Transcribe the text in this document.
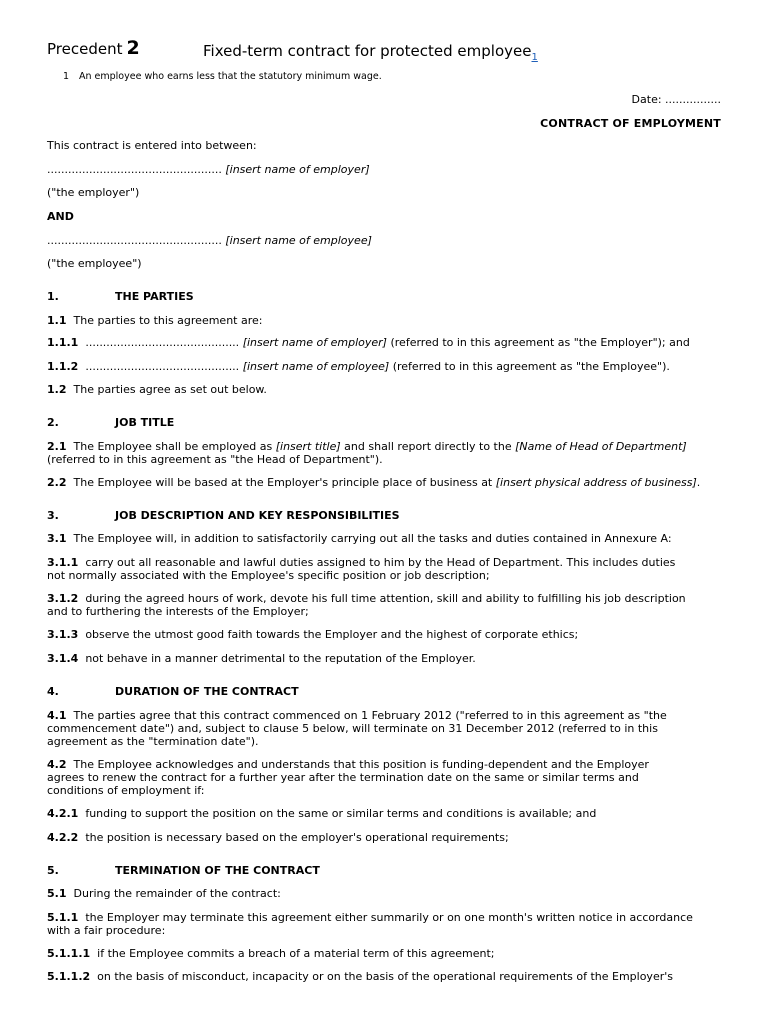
Precedent 2	Fixed-term contract for protected employee$_1$
1 An employee who earns less that the statutory minimum wage.
Date: ................
CONTRACT OF EMPLOYMENT
This contract is entered into between:
.................................................. [insert name of employer]
("the employer")
AND
.................................................. [insert name of employee]
("the employee")
1.	THE PARTIES
1.1 The parties to this agreement are:
1.1.1 ............................................ [insert name of employer] (referred to in this agreement as "the Employer"); and
1.1.2 ............................................ [insert name of employee] (referred to in this agreement as "the Employee").
1.2 The parties agree as set out below.
2.	JOB TITLE
2.1 The Employee shall be employed as [insert title] and shall report directly to the [Name of Head of Department]
(referred to in this agreement as "the Head of Department").
2.2 The Employee will be based at the Employer's principle place of business at [insert physical address of business].
3.	JOB DESCRIPTION AND KEY RESPONSIBILITIES
3.1 The Employee will, in addition to satisfactorily carrying out all the tasks and duties contained in Annexure A:
3.1.1 carry out all reasonable and lawful duties assigned to him by the Head of Department. This includes duties
not normally associated with the Employee's specific position or job description;
3.1.2 during the agreed hours of work, devote his full time attention, skill and ability to fulfilling his job description
and to furthering the interests of the Employer;
3.1.3 observe the utmost good faith towards the Employer and the highest of corporate ethics;
3.1.4 not behave in a manner detrimental to the reputation of the Employer.
4.	DURATION OF THE CONTRACT
4.1 The parties agree that this contract commenced on 1 February 2012 ("referred to in this agreement as "the
commencement date") and, subject to clause 5 below, will terminate on 31 December 2012 (referred to in this
agreement as the "termination date").
4.2 The Employee acknowledges and understands that this position is funding-dependent and the Employer
agrees to renew the contract for a further year after the termination date on the same or similar terms and
conditions of employment if:
4.2.1 funding to support the position on the same or similar terms and conditions is available; and
4.2.2 the position is necessary based on the employer's operational requirements;
5.	TERMINATION OF THE CONTRACT
5.1 During the remainder of the contract:
5.1.1 the Employer may terminate this agreement either summarily or on one month's written notice in accordance
with a fair procedure:
5.1.1.1 if the Employee commits a breach of a material term of this agreement;
5.1.1.2 on the basis of misconduct, incapacity or on the basis of the operational requirements of the Employer's
